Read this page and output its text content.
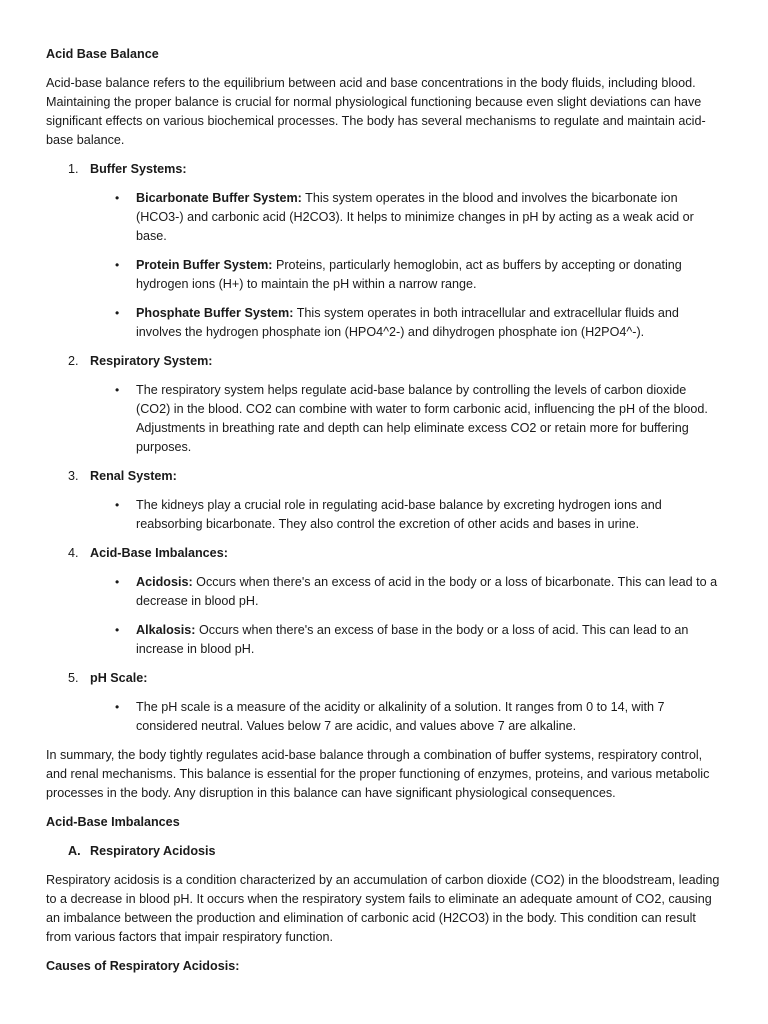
Acid Base Balance
Acid-base balance refers to the equilibrium between acid and base concentrations in the body fluids, including blood. Maintaining the proper balance is crucial for normal physiological functioning because even slight deviations can have significant effects on various biochemical processes. The body has several mechanisms to regulate and maintain acid-base balance.
1. Buffer Systems:
• Bicarbonate Buffer System: This system operates in the blood and involves the bicarbonate ion (HCO3-) and carbonic acid (H2CO3). It helps to minimize changes in pH by acting as a weak acid or base.
• Protein Buffer System: Proteins, particularly hemoglobin, act as buffers by accepting or donating hydrogen ions (H+) to maintain the pH within a narrow range.
• Phosphate Buffer System: This system operates in both intracellular and extracellular fluids and involves the hydrogen phosphate ion (HPO4^2-) and dihydrogen phosphate ion (H2PO4^-).
2. Respiratory System:
• The respiratory system helps regulate acid-base balance by controlling the levels of carbon dioxide (CO2) in the blood. CO2 can combine with water to form carbonic acid, influencing the pH of the blood. Adjustments in breathing rate and depth can help eliminate excess CO2 or retain more for buffering purposes.
3. Renal System:
• The kidneys play a crucial role in regulating acid-base balance by excreting hydrogen ions and reabsorbing bicarbonate. They also control the excretion of other acids and bases in urine.
4. Acid-Base Imbalances:
• Acidosis: Occurs when there's an excess of acid in the body or a loss of bicarbonate. This can lead to a decrease in blood pH.
• Alkalosis: Occurs when there's an excess of base in the body or a loss of acid. This can lead to an increase in blood pH.
5. pH Scale:
• The pH scale is a measure of the acidity or alkalinity of a solution. It ranges from 0 to 14, with 7 considered neutral. Values below 7 are acidic, and values above 7 are alkaline.
In summary, the body tightly regulates acid-base balance through a combination of buffer systems, respiratory control, and renal mechanisms. This balance is essential for the proper functioning of enzymes, proteins, and various metabolic processes in the body. Any disruption in this balance can have significant physiological consequences.
Acid-Base Imbalances
A. Respiratory Acidosis
Respiratory acidosis is a condition characterized by an accumulation of carbon dioxide (CO2) in the bloodstream, leading to a decrease in blood pH. It occurs when the respiratory system fails to eliminate an adequate amount of CO2, causing an imbalance between the production and elimination of carbonic acid (H2CO3) in the body. This condition can result from various factors that impair respiratory function.
Causes of Respiratory Acidosis:
